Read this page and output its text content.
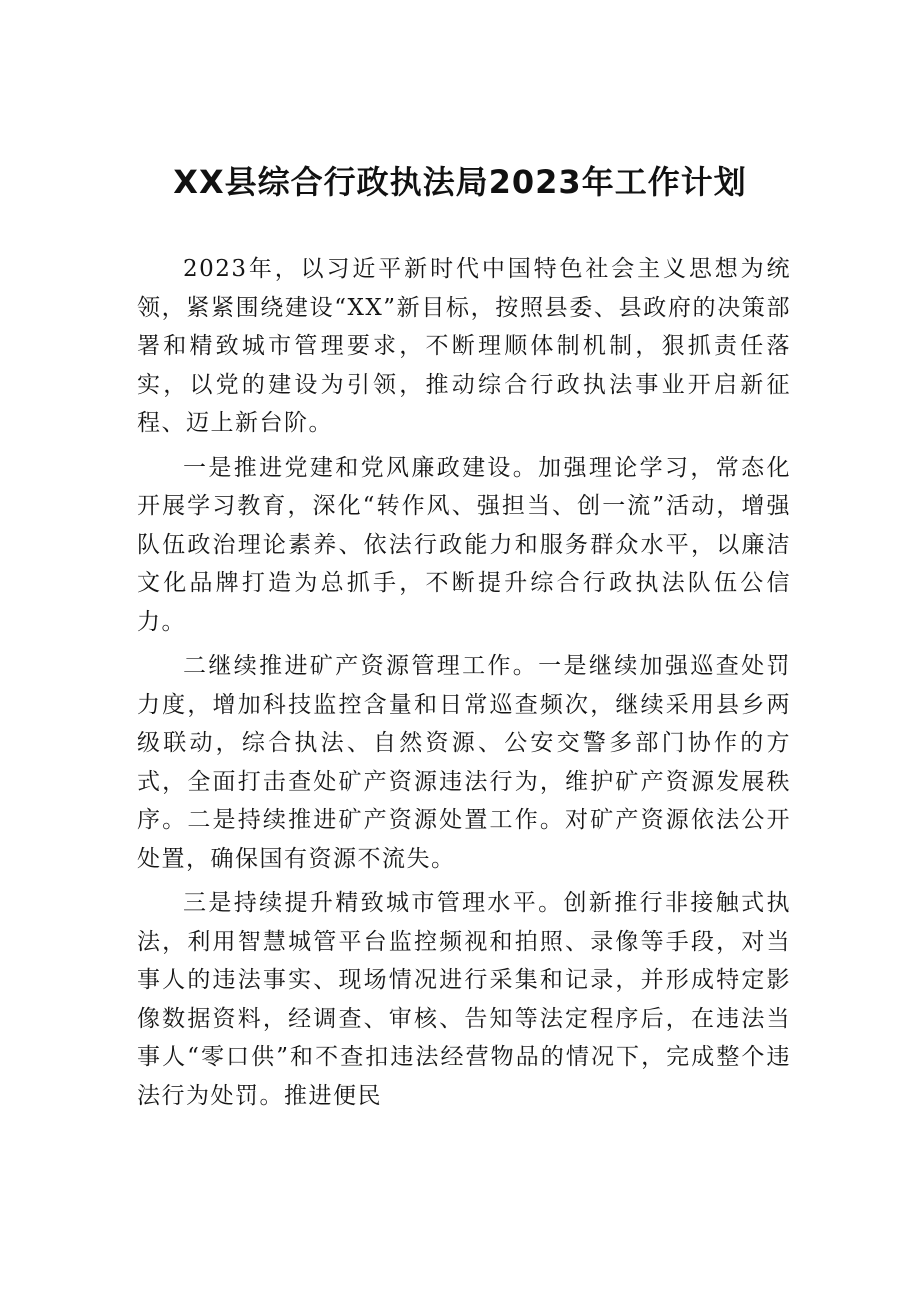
XX县综合行政执法局2023年工作计划

2023年，以习近平新时代中国特色社会主义思想为统领，紧紧围绕建设“XX”新目标，按照县委、县政府的决策部署和精致城市管理要求，不断理顺体制机制，狠抓责任落实，以党的建设为引领，推动综合行政执法事业开启新征程、迈上新台阶。

一是推进党建和党风廉政建设。加强理论学习，常态化开展学习教育，深化“转作风、强担当、创一流”活动，增强队伍政治理论素养、依法行政能力和服务群众水平，以廉洁文化品牌打造为总抓手，不断提升综合行政执法队伍公信力。

二继续推进矿产资源管理工作。一是继续加强巡查处罚力度，增加科技监控含量和日常巡查频次，继续采用县乡两级联动，综合执法、自然资源、公安交警多部门协作的方式，全面打击查处矿产资源违法行为，维护矿产资源发展秩序。二是持续推进矿产资源处置工作。对矿产资源依法公开处置，确保国有资源不流失。

三是持续提升精致城市管理水平。创新推行非接触式执法，利用智慧城管平台监控频视和拍照、录像等手段，对当事人的违法事实、现场情况进行采集和记录，并形成特定影像数据资料，经调查、审核、告知等法定程序后，在违法当事人“零口供”和不查扣违法经营物品的情况下，完成整个违法行为处罚。推进便民
